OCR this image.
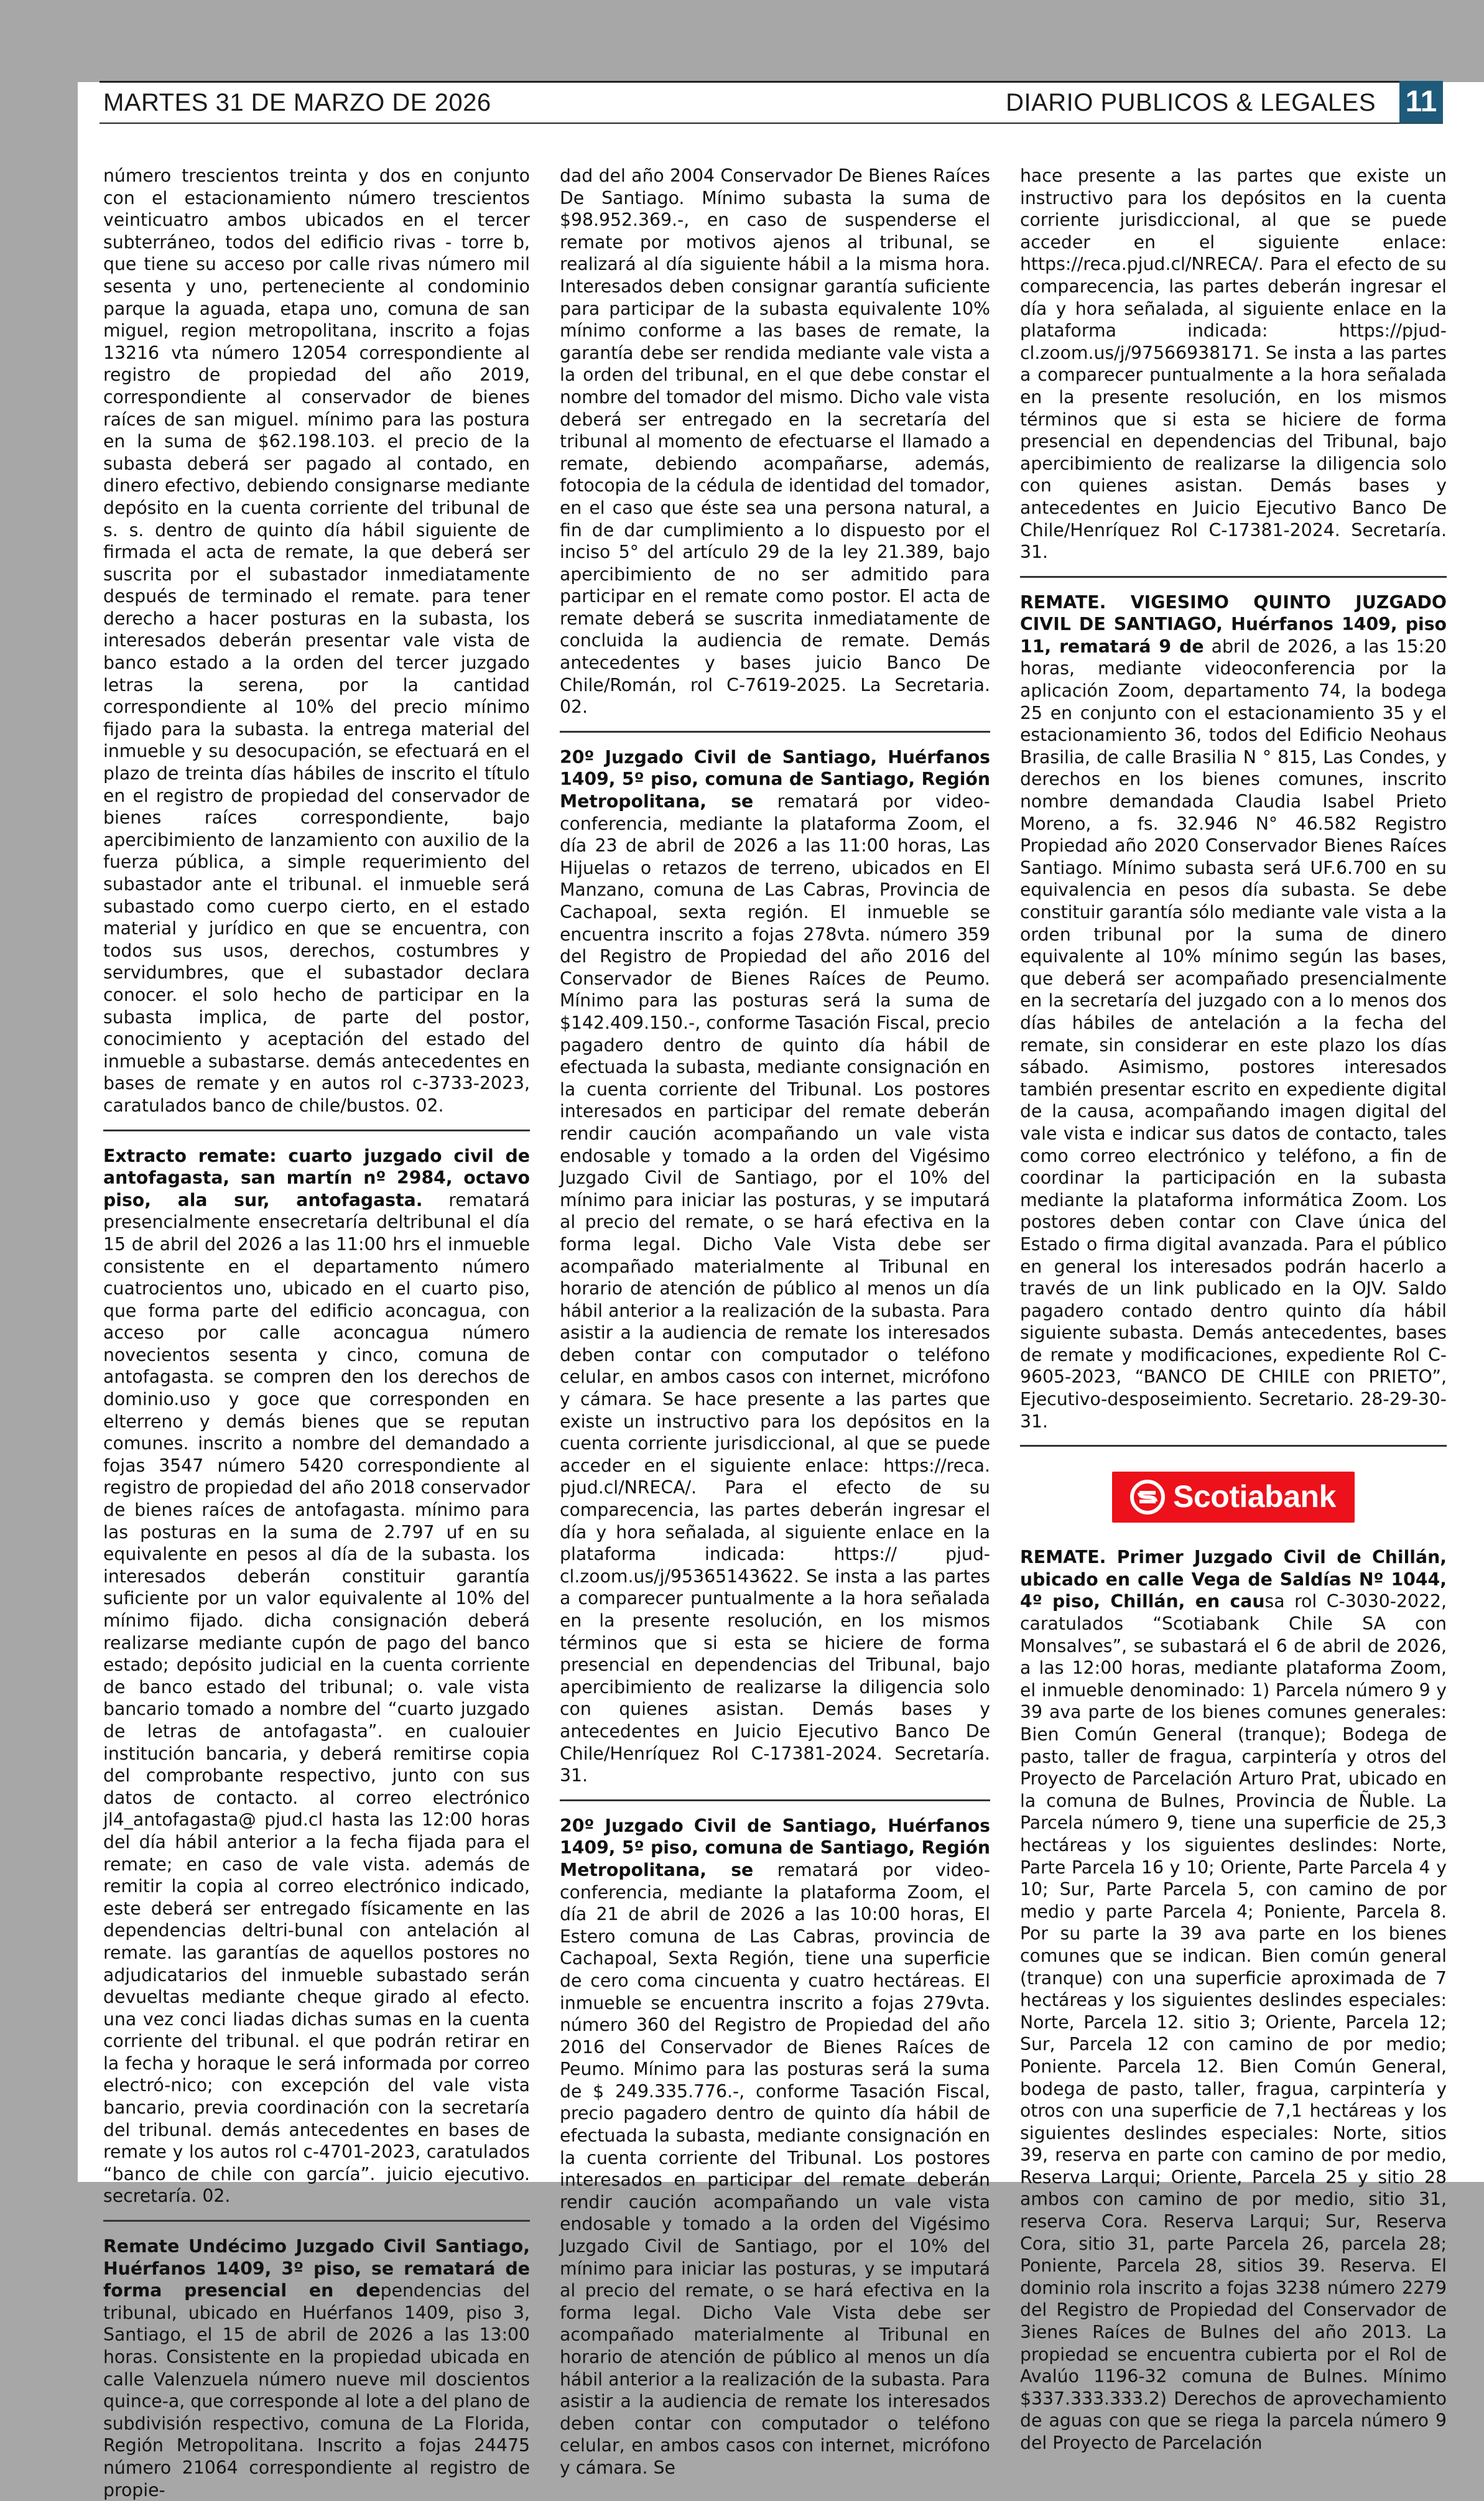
MARTES 31 DE MARZO DE 2026	DIARIO PUBLICOS & LEGALES 11

número trescientos treinta y dos en conjunto con el estacionamiento número trescientos veinticuatro ambos ubicados en el tercer subterráneo, todos del edificio rivas - torre b, que tiene su acceso por calle rivas número mil sesenta y uno, perteneciente al condominio parque la aguada, etapa uno, comuna de san miguel, region metropolitana, inscrito a fojas 13216 vta número 12054 correspondiente al registro de propiedad del año 2019, correspondiente al conservador de bienes raíces de san miguel. mínimo para las postura en la suma de $62.198.103. el precio de la subasta deberá ser pagado al contado, en dinero efectivo, debiendo consignarse mediante depósito en la cuenta corriente del tribunal de s. s. dentro de quinto día hábil siguiente de firmada el acta de remate, la que deberá ser suscrita por el subastador inmediatamente después de terminado el remate. para tener derecho a hacer posturas en la subasta, los interesados deberán presentar vale vista de banco estado a la orden del tercer juzgado letras la serena, por la cantidad correspondiente al 10% del precio mínimo fijado para la subasta. la entrega material del inmueble y su desocupación, se efectuará en el plazo de treinta días hábiles de inscrito el título en el registro de propiedad del conservador de bienes raíces correspondiente, bajo apercibimiento de lanzamiento con auxilio de la fuerza pública, a simple requerimiento del subastador ante el tribunal. el inmueble será subastado como cuerpo cierto, en el estado material y jurídico en que se encuentra, con todos sus usos, derechos, costumbres y servidumbres, que el subastador declara conocer. el solo hecho de participar en la subasta implica, de parte del postor, conocimiento y aceptación del estado del inmueble a subastarse. demás antecedentes en bases de remate y en autos rol c-3733-2023, caratulados banco de chile/bustos. 02.

Extracto remate: cuarto juzgado civil de antofagasta, san martín nº 2984, octavo piso, ala sur, antofagasta. rematará presencialmente ensecretaría deltribunal el día 15 de abril del 2026 a las 11:00 hrs el inmueble consistente en el departamento número cuatrocientos uno, ubicado en el cuarto piso, que forma parte del edificio aconcagua, con acceso por calle aconcagua número novecientos sesenta y cinco, comuna de antofagasta. se compren den los derechos de dominio.uso y goce que corresponden en elterreno y demás bienes que se reputan comunes. inscrito a nombre del demandado a fojas 3547 número 5420 correspondiente al registro de propiedad del año 2018 conservador de bienes raíces de antofagasta. mínimo para las posturas en la suma de 2.797 uf en su equivalente en pesos al día de la subasta. los interesados deberán constituir garantía suficiente por un valor equivalente al 10% del mínimo fijado. dicha consignación deberá realizarse mediante cupón de pago del banco estado; depósito judicial en la cuenta corriente de banco estado del tribunal; o. vale vista bancario tomado a nombre del “cuarto juzgado de letras de antofagasta”. en cualouier institución bancaria, y deberá remitirse copia del comprobante respectivo, junto con sus datos de contacto. al correo electrónico jl4_antofagasta@ pjud.cl hasta las 12:00 horas del día hábil anterior a la fecha fijada para el remate; en caso de vale vista. además de remitir la copia al correo electrónico indicado, este deberá ser entregado físicamente en las dependencias deltri-bunal con antelación al remate. las garantías de aquellos postores no adjudicatarios del inmueble subastado serán devueltas mediante cheque girado al efecto. una vez conci liadas dichas sumas en la cuenta corriente del tribunal. el que podrán retirar en la fecha y horaque le será informada por correo electró-nico; con excepción del vale vista bancario, previa coordinación con la secretaría del tribunal. demás antecedentes en bases de remate y los autos rol c-4701-2023, caratulados “banco de chile con garcía”. juicio ejecutivo. secretaría. 02.

Remate Undécimo Juzgado Civil Santiago, Huérfanos 1409, 3º piso, se rematará de forma presencial en dependencias del tribunal, ubicado en Huérfanos 1409, piso 3, Santiago, el 15 de abril de 2026 a las 13:00 horas. Consistente en la propiedad ubicada en calle Valenzuela número nueve mil doscientos quince-a, que corresponde al lote a del plano de subdivisión respectivo, comuna de La Florida, Región Metropolitana. Inscrito a fojas 24475 número 21064 correspondiente al registro de propie-

dad del año 2004 Conservador De Bienes Raíces De Santiago. Mínimo subasta la suma de $98.952.369.-, en caso de suspenderse el remate por motivos ajenos al tribunal, se realizará al día siguiente hábil a la misma hora. Interesados deben consignar garantía suficiente para participar de la subasta equivalente 10% mínimo conforme a las bases de remate, la garantía debe ser rendida mediante vale vista a la orden del tribunal, en el que debe constar el nombre del tomador del mismo. Dicho vale vista deberá ser entregado en la secretaría del tribunal al momento de efectuarse el llamado a remate, debiendo acompañarse, además, fotocopia de la cédula de identidad del tomador, en el caso que éste sea una persona natural, a fin de dar cumplimiento a lo dispuesto por el inciso 5° del artículo 29 de la ley 21.389, bajo apercibimiento de no ser admitido para participar en el remate como postor. El acta de remate deberá se suscrita inmediatamente de concluida la audiencia de remate. Demás antecedentes y bases juicio Banco De Chile/Román, rol C-7619-2025. La Secretaria. 02.

20º Juzgado Civil de Santiago, Huérfanos 1409, 5º piso, comuna de Santiago, Región Metropolitana, se rematará por video-conferencia, mediante la plataforma Zoom, el día 23 de abril de 2026 a las 11:00 horas, Las Hijuelas o retazos de terreno, ubicados en El Manzano, comuna de Las Cabras, Provincia de Cachapoal, sexta región. El inmueble se encuentra inscrito a fojas 278vta. número 359 del Registro de Propiedad del año 2016 del Conservador de Bienes Raíces de Peumo. Mínimo para las posturas será la suma de $142.409.150.-, conforme Tasación Fiscal, precio pagadero dentro de quinto día hábil de efectuada la subasta, mediante consignación en la cuenta corriente del Tribunal. Los postores interesados en participar del remate deberán rendir caución acompañando un vale vista endosable y tomado a la orden del Vigésimo Juzgado Civil de Santiago, por el 10% del mínimo para iniciar las posturas, y se imputará al precio del remate, o se hará efectiva en la forma legal. Dicho Vale Vista debe ser acompañado materialmente al Tribunal en horario de atención de público al menos un día hábil anterior a la realización de la subasta. Para asistir a la audiencia de remate los interesados deben contar con computador o teléfono celular, en ambos casos con internet, micrófono y cámara. Se hace presente a las partes que existe un instructivo para los depósitos en la cuenta corriente jurisdiccional, al que se puede acceder en el siguiente enlace: https://reca. pjud.cl/NRECA/. Para el efecto de su comparecencia, las partes deberán ingresar el día y hora señalada, al siguiente enlace en la plataforma indicada: https:// pjud-cl.zoom.us/j/95365143622. Se insta a las partes a comparecer puntualmente a la hora señalada en la presente resolución, en los mismos términos que si esta se hiciere de forma presencial en dependencias del Tribunal, bajo apercibimiento de realizarse la diligencia solo con quienes asistan. Demás bases y antecedentes en Juicio Ejecutivo Banco De Chile/Henríquez Rol C-17381-2024. Secretaría. 31.

20º Juzgado Civil de Santiago, Huérfanos 1409, 5º piso, comuna de Santiago, Región Metropolitana, se rematará por video-conferencia, mediante la plataforma Zoom, el día 21 de abril de 2026 a las 10:00 horas, El Estero comuna de Las Cabras, provincia de Cachapoal, Sexta Región, tiene una superficie de cero coma cincuenta y cuatro hectáreas. El inmueble se encuentra inscrito a fojas 279vta. número 360 del Registro de Propiedad del año 2016 del Conservador de Bienes Raíces de Peumo. Mínimo para las posturas será la suma de $ 249.335.776.-, conforme Tasación Fiscal, precio pagadero dentro de quinto día hábil de efectuada la subasta, mediante consignación en la cuenta corriente del Tribunal. Los postores interesados en participar del remate deberán rendir caución acompañando un vale vista endosable y tomado a la orden del Vigésimo Juzgado Civil de Santiago, por el 10% del mínimo para iniciar las posturas, y se imputará al precio del remate, o se hará efectiva en la forma legal. Dicho Vale Vista debe ser acompañado materialmente al Tribunal en horario de atención de público al menos un día hábil anterior a la realización de la subasta. Para asistir a la audiencia de remate los interesados deben contar con computador o teléfono celular, en ambos casos con internet, micrófono y cámara. Se

hace presente a las partes que existe un instructivo para los depósitos en la cuenta corriente jurisdiccional, al que se puede acceder en el siguiente enlace: https://reca.pjud.cl/NRECA/. Para el efecto de su comparecencia, las partes deberán ingresar el día y hora señalada, al siguiente enlace en la plataforma indicada: https://pjud-cl.zoom.us/j/97566938171. Se insta a las partes a comparecer puntualmente a la hora señalada en la presente resolución, en los mismos términos que si esta se hiciere de forma presencial en dependencias del Tribunal, bajo apercibimiento de realizarse la diligencia solo con quienes asistan. Demás bases y antecedentes en Juicio Ejecutivo Banco De Chile/Henríquez Rol C-17381-2024. Secretaría. 31.

REMATE. VIGESIMO QUINTO JUZGADO CIVIL DE SANTIAGO, Huérfanos 1409, piso 11, rematará 9 de abril de 2026, a las 15:20 horas, mediante videoconferencia por la aplicación Zoom, departamento 74, la bodega 25 en conjunto con el estacionamiento 35 y el estacionamiento 36, todos del Edificio Neohaus Brasilia, de calle Brasilia N ° 815, Las Condes, y derechos en los bienes comunes, inscrito nombre demandada Claudia Isabel Prieto Moreno, a fs. 32.946 N° 46.582 Registro Propiedad año 2020 Conservador Bienes Raíces Santiago. Mínimo subasta será UF.6.700 en su equivalencia en pesos día subasta. Se debe constituir garantía sólo mediante vale vista a la orden tribunal por la suma de dinero equivalente al 10% mínimo según las bases, que deberá ser acompañado presencialmente en la secretaría del juzgado con a lo menos dos días hábiles de antelación a la fecha del remate, sin considerar en este plazo los días sábado. Asimismo, postores interesados también presentar escrito en expediente digital de la causa, acompañando imagen digital del vale vista e indicar sus datos de contacto, tales como correo electrónico y teléfono, a fin de coordinar la participación en la subasta mediante la plataforma informática Zoom. Los postores deben contar con Clave única del Estado o firma digital avanzada. Para el público en general los interesados podrán hacerlo a través de un link publicado en la OJV. Saldo pagadero contado dentro quinto día hábil siguiente subasta. Demás antecedentes, bases de remate y modificaciones, expediente Rol C-9605-2023, “BANCO DE CHILE con PRIETO”, Ejecutivo-desposeimiento. Secretario. 28-29-30-31.

Scotiabank

REMATE. Primer Juzgado Civil de Chillán, ubicado en calle Vega de Saldías Nº 1044, 4º piso, Chillán, en causa rol C-3030-2022, caratulados “Scotiabank Chile SA con Monsalves”, se subastará el 6 de abril de 2026, a las 12:00 horas, mediante plataforma Zoom, el inmueble denominado: 1) Parcela número 9 y 39 ava parte de los bienes comunes generales: Bien Común General (tranque); Bodega de pasto, taller de fragua, carpintería y otros del Proyecto de Parcelación Arturo Prat, ubicado en la comuna de Bulnes, Provincia de Ñuble. La Parcela número 9, tiene una superficie de 25,3 hectáreas y los siguientes deslindes: Norte, Parte Parcela 16 y 10; Oriente, Parte Parcela 4 y 10; Sur, Parte Parcela 5, con camino de por medio y parte Parcela 4; Poniente, Parcela 8. Por su parte la 39 ava parte en los bienes comunes que se indican. Bien común general (tranque) con una superficie aproximada de 7 hectáreas y los siguientes deslindes especiales: Norte, Parcela 12. sitio 3; Oriente, Parcela 12; Sur, Parcela 12 con camino de por medio; Poniente. Parcela 12. Bien Común General, bodega de pasto, taller, fragua, carpintería y otros con una superficie de 7,1 hectáreas y los siguientes deslindes especiales: Norte, sitios 39, reserva en parte con camino de por medio, Reserva Larqui; Oriente, Parcela 25 y sitio 28 ambos con camino de por medio, sitio 31, reserva Cora. Reserva Larqui; Sur, Reserva Cora, sitio 31, parte Parcela 26, parcela 28; Poniente, Parcela 28, sitios 39. Reserva. El dominio rola inscrito a fojas 3238 número 2279 del Registro de Propiedad del Conservador de 3ienes Raíces de Bulnes del año 2013. La propiedad se encuentra cubierta por el Rol de Avalúo 1196-32 comuna de Bulnes. Mínimo $337.333.333.2) Derechos de aprovechamiento de aguas con que se riega la parcela número 9 del Proyecto de Parcelación
